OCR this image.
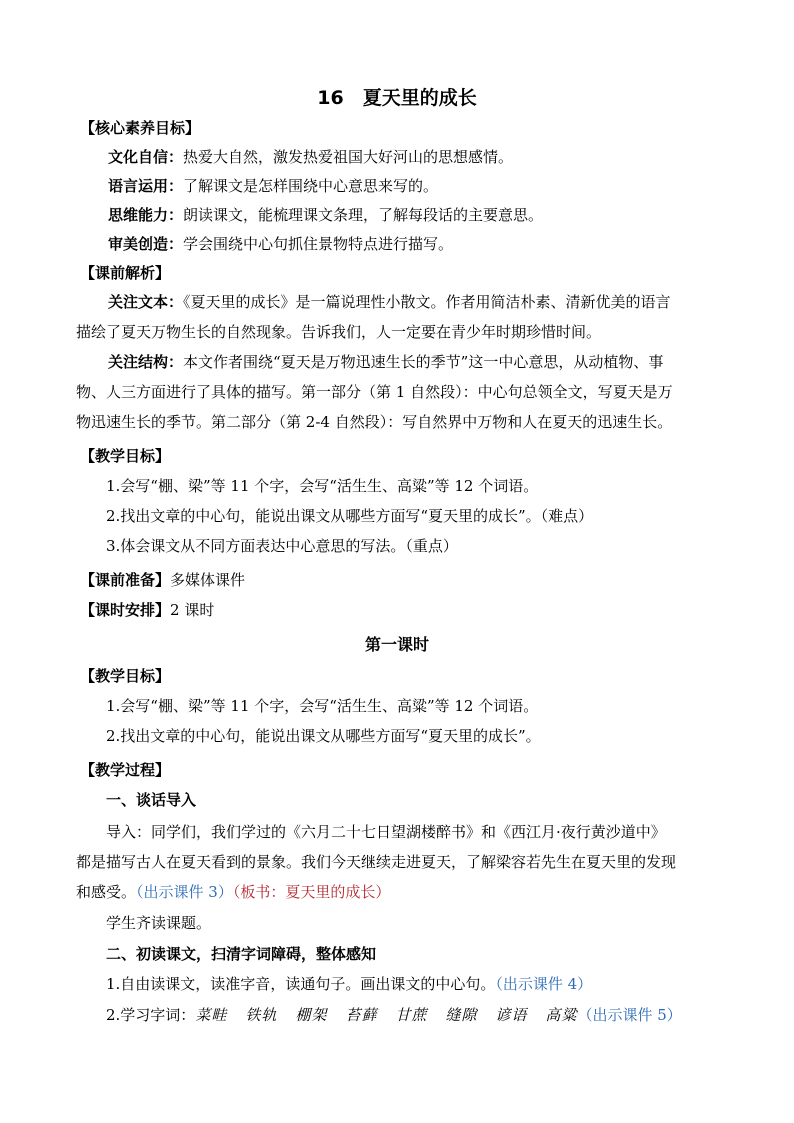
16　夏天里的成长
【核心素养目标】
文化自信：热爱大自然，激发热爱祖国大好河山的思想感情。
语言运用：了解课文是怎样围绕中心意思来写的。
思维能力：朗读课文，能梳理课文条理，了解每段话的主要意思。
审美创造：学会围绕中心句抓住景物特点进行描写。
【课前解析】
关注文本：《夏天里的成长》是一篇说理性小散文。作者用简洁朴素、清新优美的语言
描绘了夏天万物生长的自然现象。告诉我们，人一定要在青少年时期珍惜时间。
关注结构：本文作者围绕“夏天是万物迅速生长的季节”这一中心意思，从动植物、事
物、人三方面进行了具体的描写。第一部分（第 1 自然段）：中心句总领全文，写夏天是万
物迅速生长的季节。第二部分（第 2-4 自然段）：写自然界中万物和人在夏天的迅速生长。
【教学目标】
1.会写“棚、梁”等 11 个字，会写“活生生、高粱”等 12 个词语。
2.找出文章的中心句，能说出课文从哪些方面写“夏天里的成长”。（难点）
3.体会课文从不同方面表达中心意思的写法。（重点）
【课前准备】多媒体课件
【课时安排】2 课时
第一课时
【教学目标】
1.会写“棚、梁”等 11 个字，会写“活生生、高粱”等 12 个词语。
2.找出文章的中心句，能说出课文从哪些方面写“夏天里的成长”。
【教学过程】
一、谈话导入
导入：同学们，我们学过的《六月二十七日望湖楼醉书》和《西江月·夜行黄沙道中》
都是描写古人在夏天看到的景象。我们今天继续走进夏天，了解梁容若先生在夏天里的发现
和感受。（出示课件 3）（板书：夏天里的成长）
学生齐读课题。
二、初读课文，扫清字词障碍，整体感知
1.自由读课文，读准字音，读通句子。画出课文的中心句。（出示课件 4）
2.学习字词：菜畦 铁轨 棚架 苔藓 甘蔗 缝隙 谚语 高粱（出示课件 5）
